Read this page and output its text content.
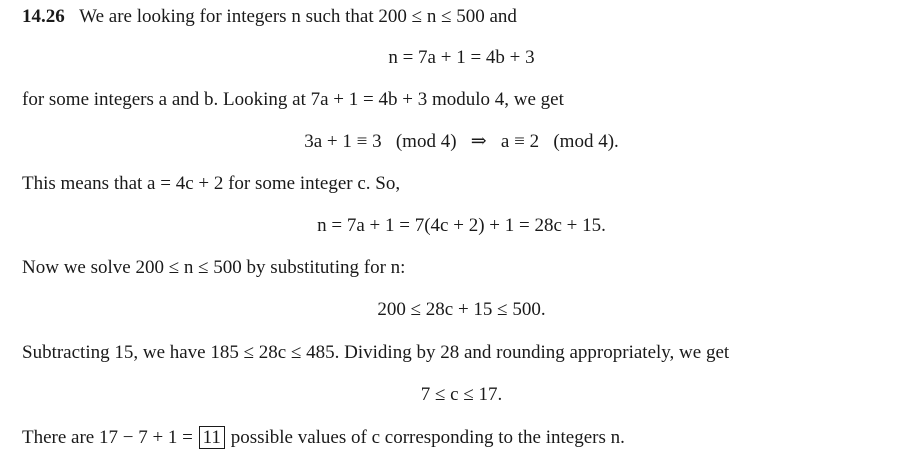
14.26 We are looking for integers n such that 200 ≤ n ≤ 500 and
n = 7a + 1 = 4b + 3
for some integers a and b. Looking at 7a + 1 = 4b + 3 modulo 4, we get
3a + 1 ≡ 3   (mod 4)   ⇒   a ≡ 2   (mod 4).
This means that a = 4c + 2 for some integer c. So,
n = 7a + 1 = 7(4c + 2) + 1 = 28c + 15.
Now we solve 200 ≤ n ≤ 500 by substituting for n:
200 ≤ 28c + 15 ≤ 500.
Subtracting 15, we have 185 ≤ 28c ≤ 485. Dividing by 28 and rounding appropriately, we get
7 ≤ c ≤ 17.
There are 17 − 7 + 1 = 11 possible values of c corresponding to the integers n.
